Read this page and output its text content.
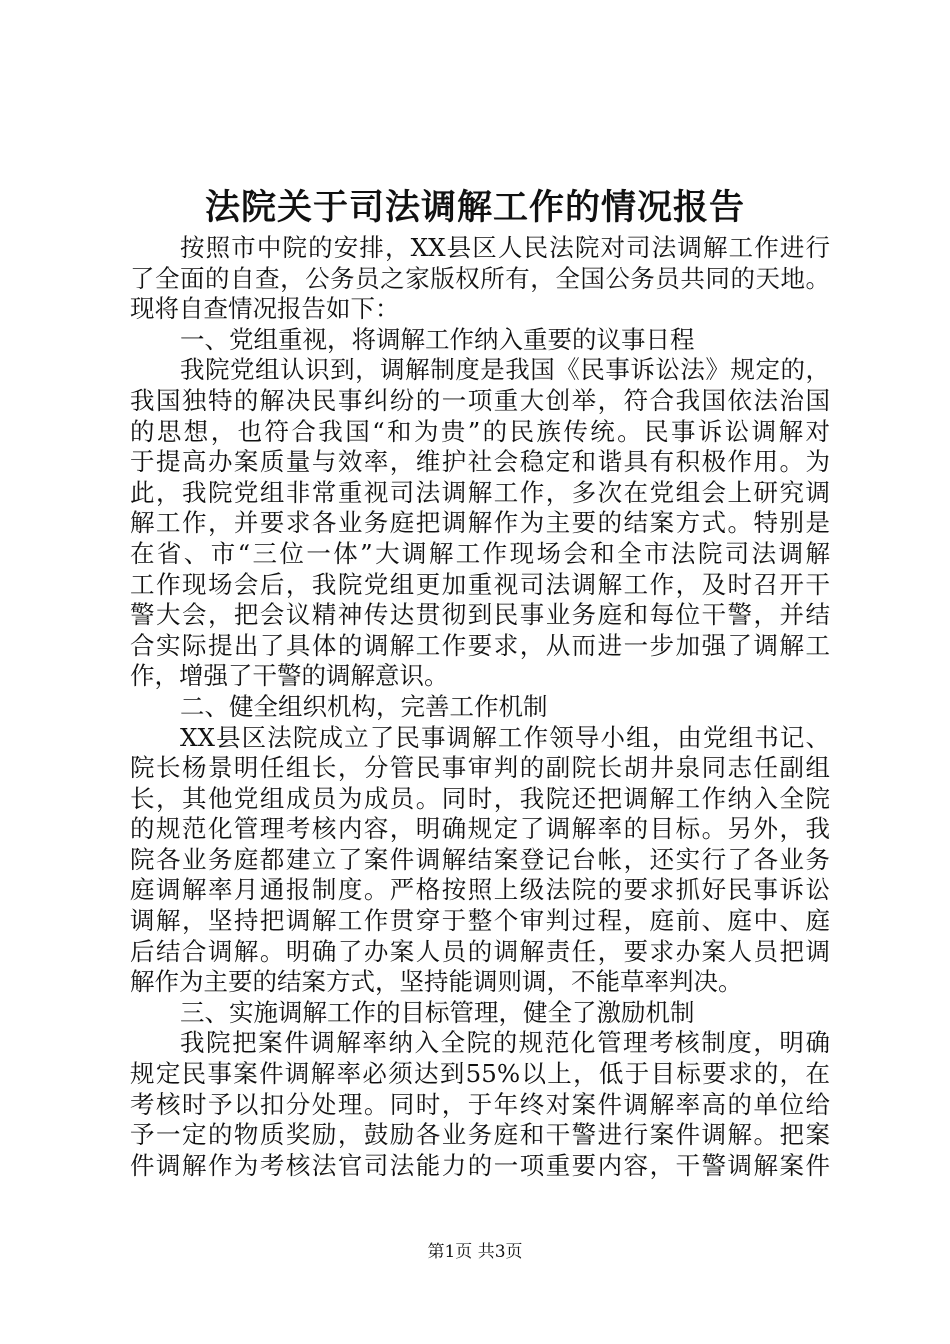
法院关于司法调解工作的情况报告
按照市中院的安排，XX县区人民法院对司法调解工作进行
了全面的自查，公务员之家版权所有，全国公务员共同的天地。
现将自查情况报告如下：
一、党组重视，将调解工作纳入重要的议事日程
我院党组认识到，调解制度是我国《民事诉讼法》规定的，
我国独特的解决民事纠纷的一项重大创举，符合我国依法治国
的思想，也符合我国“和为贵”的民族传统。民事诉讼调解对
于提高办案质量与效率，维护社会稳定和谐具有积极作用。为
此，我院党组非常重视司法调解工作，多次在党组会上研究调
解工作，并要求各业务庭把调解作为主要的结案方式。特别是
在省、市“三位一体”大调解工作现场会和全市法院司法调解
工作现场会后，我院党组更加重视司法调解工作，及时召开干
警大会，把会议精神传达贯彻到民事业务庭和每位干警，并结
合实际提出了具体的调解工作要求，从而进一步加强了调解工
作，增强了干警的调解意识。
二、健全组织机构，完善工作机制
XX县区法院成立了民事调解工作领导小组，由党组书记、
院长杨景明任组长，分管民事审判的副院长胡井泉同志任副组
长，其他党组成员为成员。同时，我院还把调解工作纳入全院
的规范化管理考核内容，明确规定了调解率的目标。另外，我
院各业务庭都建立了案件调解结案登记台帐，还实行了各业务
庭调解率月通报制度。严格按照上级法院的要求抓好民事诉讼
调解，坚持把调解工作贯穿于整个审判过程，庭前、庭中、庭
后结合调解。明确了办案人员的调解责任，要求办案人员把调
解作为主要的结案方式，坚持能调则调，不能草率判决。
三、实施调解工作的目标管理，健全了激励机制
我院把案件调解率纳入全院的规范化管理考核制度，明确
规定民事案件调解率必须达到55%以上，低于目标要求的，在
考核时予以扣分处理。同时，于年终对案件调解率高的单位给
予一定的物质奖励，鼓励各业务庭和干警进行案件调解。把案
件调解作为考核法官司法能力的一项重要内容，干警调解案件
第1页 共3页
